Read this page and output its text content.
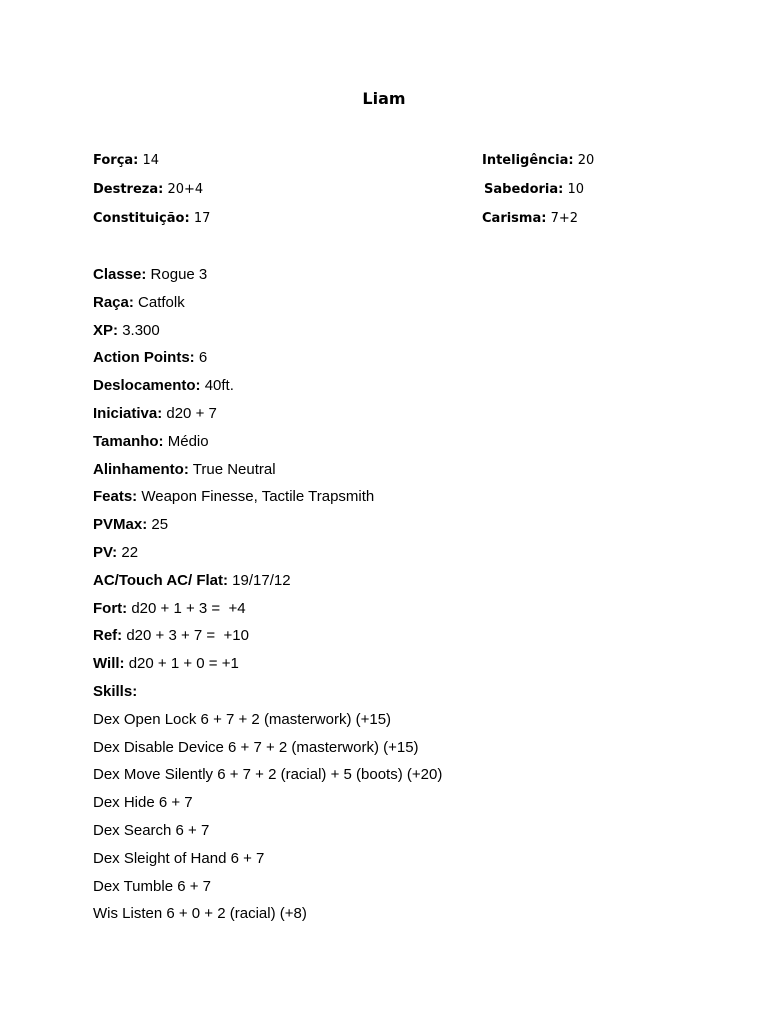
Liam
Força: 14
Destreza: 20+4
Constituição: 17
Inteligência: 20
Sabedoria: 10
Carisma: 7+2
Classe: Rogue 3
Raça: Catfolk
XP: 3.300
Action Points: 6
Deslocamento: 40ft.
Iniciativa: d20 + 7
Tamanho: Médio
Alinhamento: True Neutral
Feats: Weapon Finesse, Tactile Trapsmith
PVMax: 25
PV: 22
AC/Touch AC/ Flat: 19/17/12
Fort: d20 + 1 + 3 =  +4
Ref: d20 + 3 + 7 =  +10
Will: d20 + 1 + 0 = +1
Skills:
Dex Open Lock 6 + 7 + 2 (masterwork) (+15)
Dex Disable Device 6 + 7 + 2 (masterwork) (+15)
Dex Move Silently 6 + 7 + 2 (racial) + 5 (boots) (+20)
Dex Hide 6 + 7
Dex Search 6 + 7
Dex Sleight of Hand 6 + 7
Dex Tumble 6 + 7
Wis Listen 6 + 0 + 2 (racial) (+8)
